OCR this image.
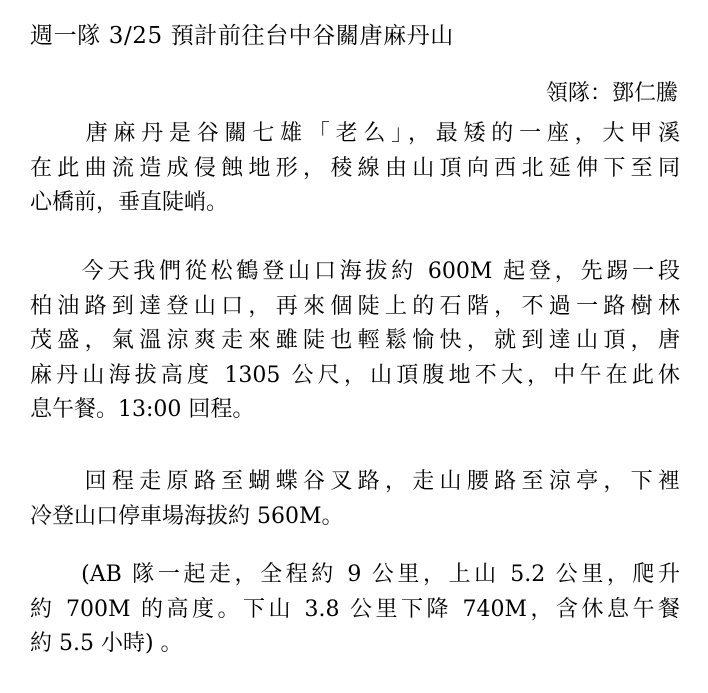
週一隊 3/25 預計前往台中谷關唐麻丹山
領隊：鄧仁騰
　　唐麻丹是谷關七雄「老么」，最矮的一座，大甲溪
在此曲流造成侵蝕地形，稜線由山頂向西北延伸下至同
心橋前，垂直陡峭。
　　今天我們從松鶴登山口海拔約 600M 起登，先踢一段
柏油路到達登山口，再來個陡上的石階，不過一路樹林
茂盛，氣溫涼爽走來雖陡也輕鬆愉快，就到達山頂，唐
麻丹山海拔高度 1305 公尺，山頂腹地不大，中午在此休
息午餐。13:00 回程。
　　回程走原路至蝴蝶谷叉路，走山腰路至涼亭，下裡
冷登山口停車場海拔約 560M。
　　(AB 隊一起走，全程約 9 公里，上山 5.2 公里，爬升
約 700M 的高度。下山 3.8 公里下降 740M，含休息午餐
約 5.5 小時) 。
